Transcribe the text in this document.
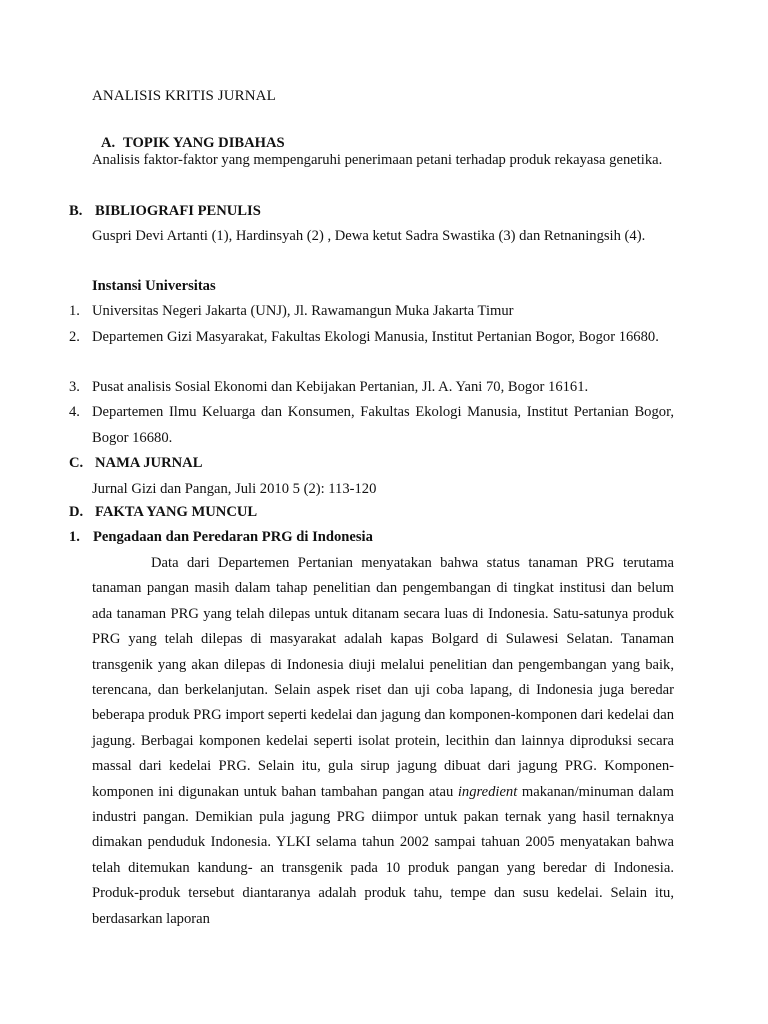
ANALISIS KRITIS JURNAL
A. TOPIK YANG DIBAHAS
Analisis faktor-faktor yang mempengaruhi penerimaan petani terhadap produk rekayasa genetika.
B. BIBLIOGRAFI PENULIS
Guspri Devi Artanti (1), Hardinsyah (2) , Dewa ketut Sadra Swastika (3) dan Retnaningsih (4).
Instansi Universitas
1. Universitas Negeri Jakarta (UNJ), Jl. Rawamangun Muka Jakarta Timur
2. Departemen Gizi Masyarakat, Fakultas Ekologi Manusia, Institut Pertanian Bogor, Bogor 16680.
3. Pusat analisis Sosial Ekonomi dan Kebijakan Pertanian, Jl. A. Yani 70, Bogor 16161.
4. Departemen Ilmu Keluarga dan Konsumen, Fakultas Ekologi Manusia, Institut Pertanian Bogor, Bogor 16680.
C. NAMA JURNAL
Jurnal Gizi dan Pangan, Juli 2010 5 (2): 113-120
D. FAKTA YANG MUNCUL
1. Pengadaan dan Peredaran PRG di Indonesia
Data dari Departemen Pertanian menyatakan bahwa status tanaman PRG terutama tanaman pangan masih dalam tahap penelitian dan pengembangan di tingkat institusi dan belum ada tanaman PRG yang telah dilepas untuk ditanam secara luas di Indonesia. Satu-satunya produk PRG yang telah dilepas di masyarakat adalah kapas Bolgard di Sulawesi Selatan. Tanaman transgenik yang akan dilepas di Indonesia diuji melalui penelitian dan pengembangan yang baik, terencana, dan berkelanjutan. Selain aspek riset dan uji coba lapang, di Indonesia juga beredar beberapa produk PRG import seperti kedelai dan jagung dan komponen-komponen dari kedelai dan jagung. Berbagai komponen kedelai seperti isolat protein, lecithin dan lainnya diproduksi secara massal dari kedelai PRG. Selain itu, gula sirup jagung dibuat dari jagung PRG. Komponen-komponen ini digunakan untuk bahan tambahan pangan atau ingredient makanan/minuman dalam industri pangan. Demikian pula jagung PRG diimpor untuk pakan ternak yang hasil ternaknya dimakan penduduk Indonesia. YLKI selama tahun 2002 sampai tahuan 2005 menyatakan bahwa telah ditemukan kandung- an transgenik pada 10 produk pangan yang beredar di Indonesia. Produk-produk tersebut diantaranya adalah produk tahu, tempe dan susu kedelai. Selain itu, berdasarkan laporan
